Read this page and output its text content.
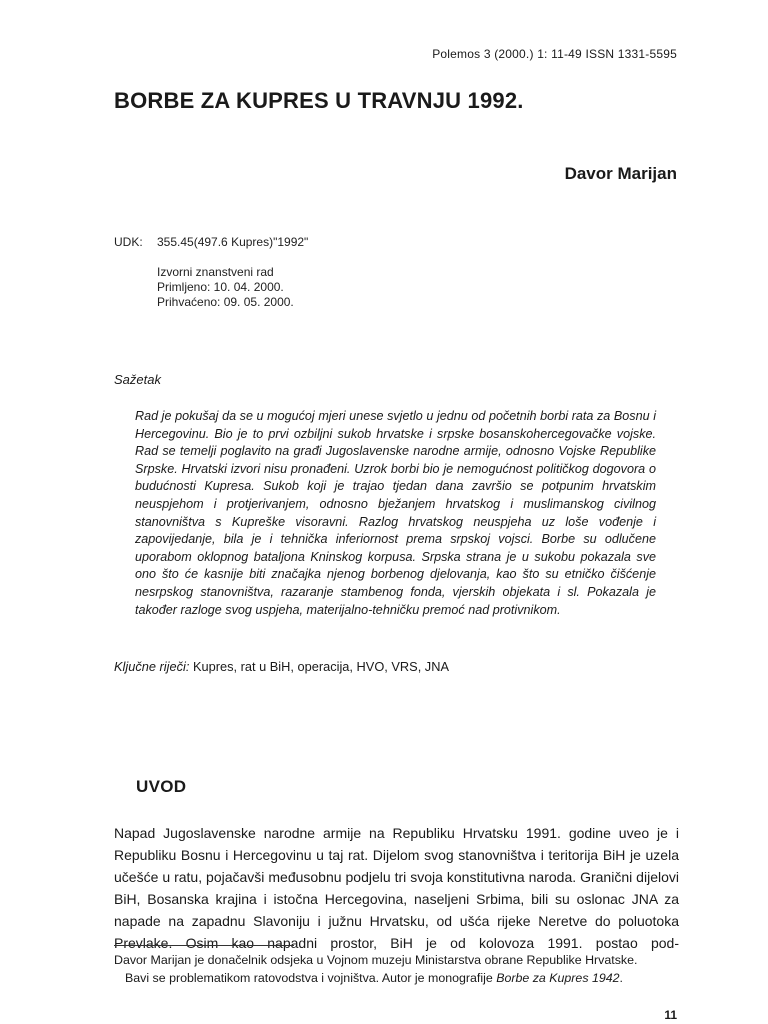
Polemos 3 (2000.) 1: 11-49 ISSN 1331-5595
BORBE ZA KUPRES U TRAVNJU 1992.
Davor Marijan
UDK: 355.45(497.6 Kupres)"1992"
Izvorni znanstveni rad
Primljeno: 10. 04. 2000.
Prihvaćeno: 09. 05. 2000.
Sažetak

Rad je pokušaj da se u mogućoj mjeri unese svjetlo u jednu od početnih borbi rata za Bosnu i Hercegovinu. Bio je to prvi ozbiljni sukob hrvatske i srpske bosanskohercegovačke vojske. Rad se temelji poglavito na građi Jugoslavenske narodne armije, odnosno Vojske Republike Srpske. Hrvatski izvori nisu pronađeni. Uzrok borbi bio je nemogućnost političkog dogovora o budućnosti Kupresa. Sukob koji je trajao tjedan dana završio se potpunim hrvatskim neuspjehom i protjerivanjem, odnosno bježanjem hrvatskog i muslimanskog civilnog stanovništva s Kupreške visoravni. Razlog hrvatskog neuspjeha uz loše vođenje i zapovijedanje, bila je i tehnička inferiornost prema srpskoj vojsci. Borbe su odlučene uporabom oklopnog bataljona Kninskog korpusa. Srpska strana je u sukobu pokazala sve ono što će kasnije biti značajka njenog borbenog djelovanja, kao što su etničko čišćenje nesrpskog stanovništva, razaranje stambenog fonda, vjerskih objekata i sl. Pokazala je također razloge svog uspjeha, materijalno-tehničku premoć nad protivnikom.

Ključne riječi: Kupres, rat u BiH, operacija, HVO, VRS, JNA
UVOD

Napad Jugoslavenske narodne armije na Republiku Hrvatsku 1991. godine uveo je i Republiku Bosnu i Hercegovinu u taj rat. Dijelom svog stanovništva i teritorija BiH je uzela učešće u ratu, pojačavši međusobnu podjelu tri svoja konstitutivna naroda. Granični dijelovi BiH, Bosanska krajina i istočna Hercegovina, naseljeni Srbima, bili su oslonac JNA za napade na zapadnu Slavoniju i južnu Hrvatsku, od ušća rijeke Neretve do poluotoka Prevlake. Osim kao napadni prostor, BiH je od kolovoza 1991. postao pod-

Davor Marijan je donačelnik odsjeka u Vojnom muzeju Ministarstva obrane Republike Hrvatske.
Bavi se problematikom ratovodstva i vojništva. Autor je monografije Borbe za Kupres 1942.
11
